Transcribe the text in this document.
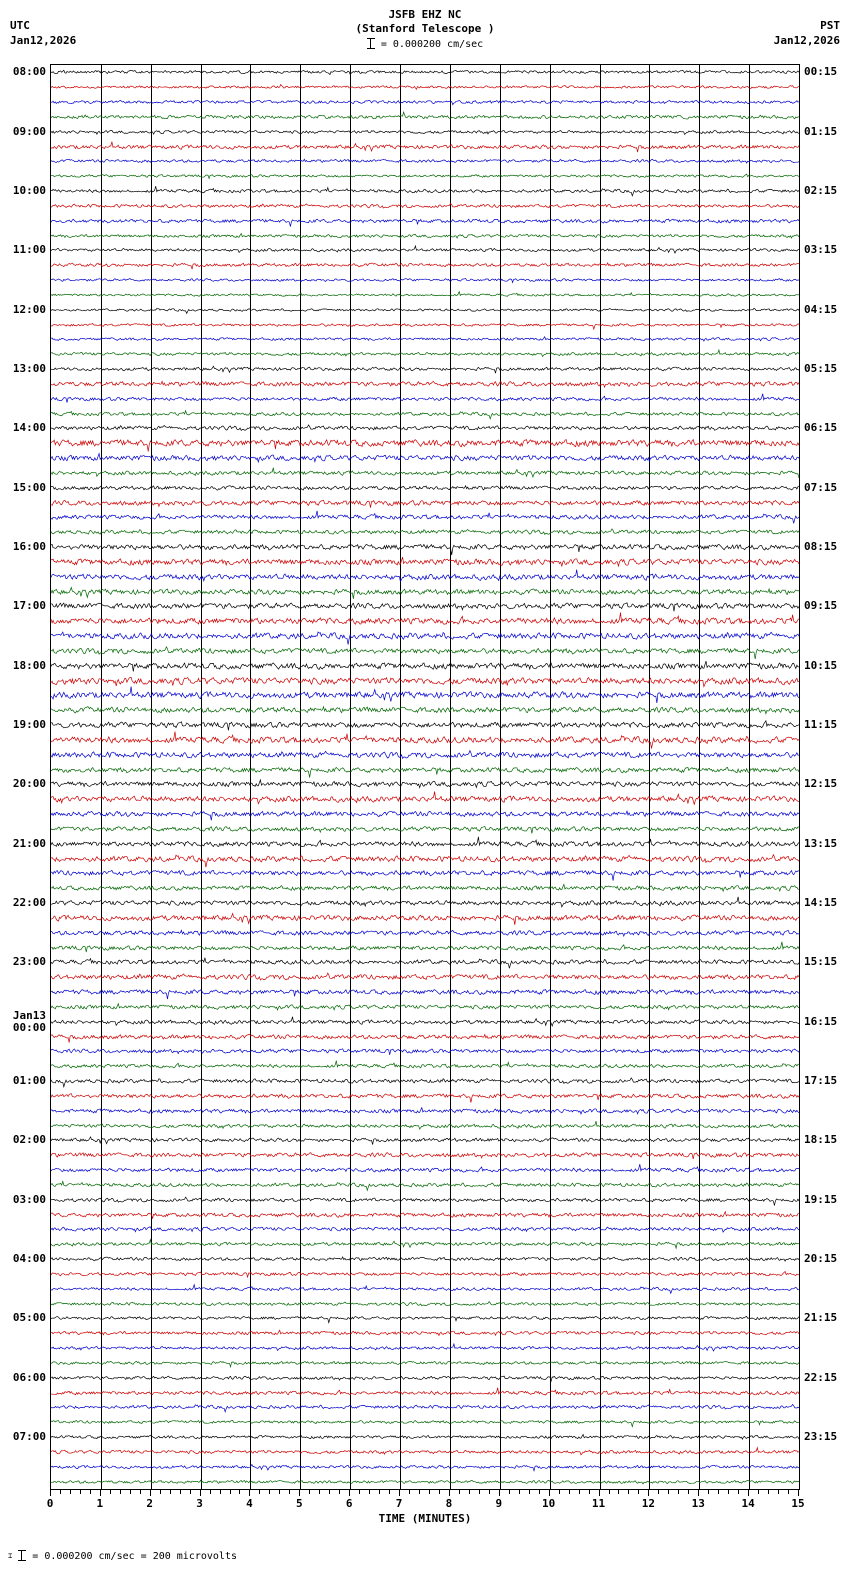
UTC
Jan12,2026
PST
Jan12,2026
JSFB EHZ NC
(Stanford Telescope )
= 0.000200 cm/sec
08:00
09:00
10:00
11:00
12:00
13:00
14:00
15:00
16:00
17:00
18:00
19:00
20:00
21:00
22:00
23:00
Jan13
00:00
01:00
02:00
03:00
04:00
05:00
06:00
07:00
00:15
01:15
02:15
03:15
04:15
05:15
06:15
07:15
08:15
09:15
10:15
11:15
12:15
13:15
14:15
15:15
16:15
17:15
18:15
19:15
20:15
21:15
22:15
23:15
0	1	2	3	4	5	6	7	8	9	10	11	12	13	14	15
TIME (MINUTES)
⌶ = 0.000200 cm/sec = 200 microvolts
